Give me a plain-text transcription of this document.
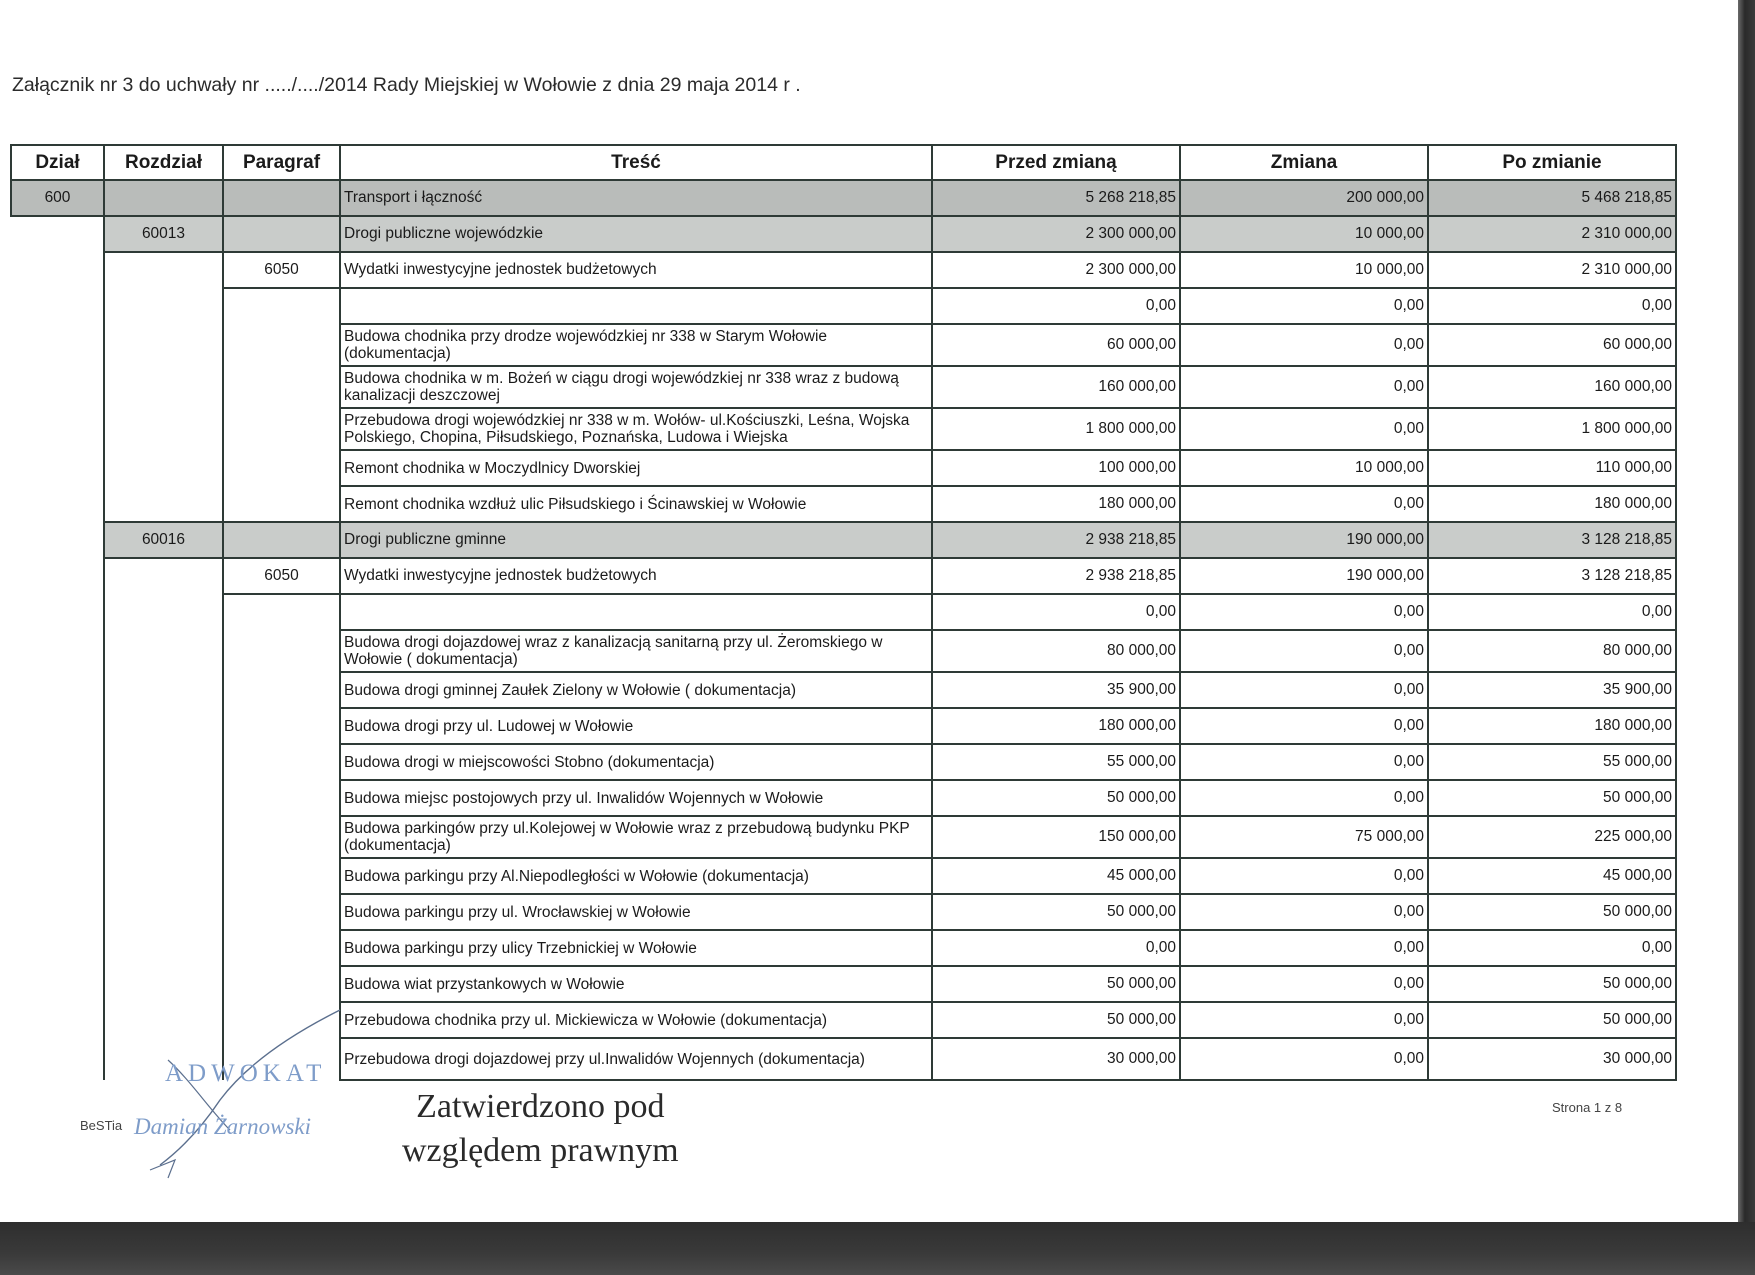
Załącznik nr 3 do uchwały nr ...../..../2014 Rady Miejskiej w Wołowie z dnia 29 maja 2014 r .
Dział	Rozdział	Paragraf	Treść	Przed zmianą	Zmiana	Po zmianie
600			Transport i łączność	5 268 218,85	200 000,00	5 468 218,85
	60013		Drogi publiczne wojewódzkie	2 300 000,00	10 000,00	2 310 000,00
		6050	Wydatki inwestycyjne jednostek budżetowych	2 300 000,00	10 000,00	2 310 000,00
				0,00	0,00	0,00
			Budowa chodnika przy drodze wojewódzkiej nr 338 w Starym Wołowie (dokumentacja)	60 000,00	0,00	60 000,00
			Budowa chodnika w m. Bożeń w ciągu drogi wojewódzkiej nr 338 wraz z budową kanalizacji deszczowej	160 000,00	0,00	160 000,00
			Przebudowa drogi wojewódzkiej nr 338 w m. Wołów- ul.Kościuszki, Leśna, Wojska Polskiego, Chopina, Piłsudskiego, Poznańska, Ludowa i Wiejska	1 800 000,00	0,00	1 800 000,00
			Remont chodnika w Moczydlnicy Dworskiej	100 000,00	10 000,00	110 000,00
			Remont chodnika wzdłuż ulic Piłsudskiego i Ścinawskiej w Wołowie	180 000,00	0,00	180 000,00
	60016		Drogi publiczne gminne	2 938 218,85	190 000,00	3 128 218,85
		6050	Wydatki inwestycyjne jednostek budżetowych	2 938 218,85	190 000,00	3 128 218,85
				0,00	0,00	0,00
			Budowa drogi dojazdowej wraz z kanalizacją sanitarną przy ul. Żeromskiego w Wołowie ( dokumentacja)	80 000,00	0,00	80 000,00
			Budowa drogi gminnej Zaułek Zielony w Wołowie ( dokumentacja)	35 900,00	0,00	35 900,00
			Budowa drogi przy ul. Ludowej w Wołowie	180 000,00	0,00	180 000,00
			Budowa drogi w miejscowości Stobno (dokumentacja)	55 000,00	0,00	55 000,00
			Budowa miejsc postojowych przy ul. Inwalidów Wojennych w Wołowie	50 000,00	0,00	50 000,00
			Budowa parkingów przy ul.Kolejowej w Wołowie wraz z przebudową budynku PKP (dokumentacja)	150 000,00	75 000,00	225 000,00
			Budowa parkingu przy Al.Niepodległości w Wołowie (dokumentacja)	45 000,00	0,00	45 000,00
			Budowa parkingu przy ul. Wrocławskiej w Wołowie	50 000,00	0,00	50 000,00
			Budowa parkingu przy ulicy Trzebnickiej w Wołowie	0,00	0,00	0,00
			Budowa wiat przystankowych w Wołowie	50 000,00	0,00	50 000,00
			Przebudowa chodnika przy ul. Mickiewicza w Wołowie (dokumentacja)	50 000,00	0,00	50 000,00
			Przebudowa drogi dojazdowej przy ul.Inwalidów Wojennych (dokumentacja)	30 000,00	0,00	30 000,00
ADWOKAT
BeSTia Damian Żarnowski
Zatwierdzono pod
względem prawnym
Strona 1 z 8
